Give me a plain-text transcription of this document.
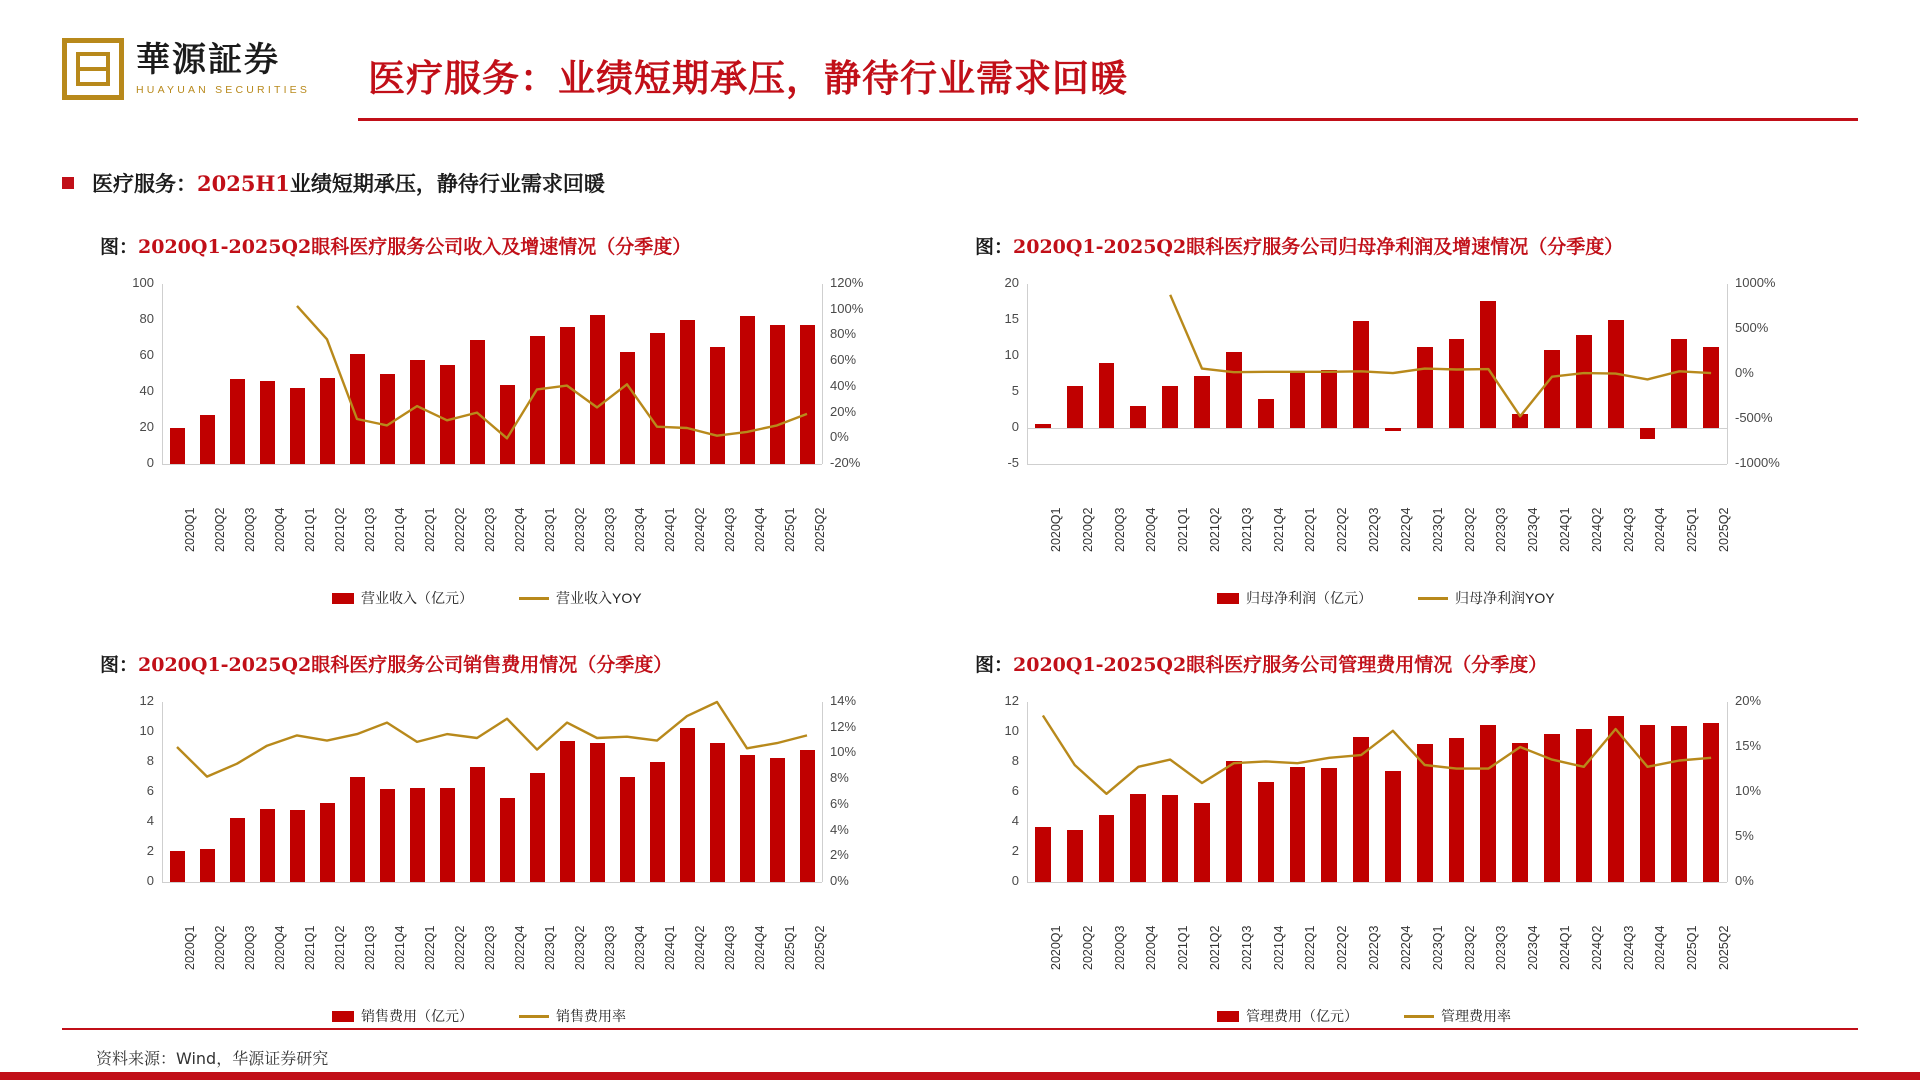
華源証券
HUAYUAN SECURITIES 医疗服务：业绩短期承压，静待行业需求回暖
医疗服务：2025H1业绩短期承压，静待行业需求回暖
图：2020Q1-2025Q2眼科医疗服务公司收入及增速情况（分季度）
0
20
40
60
80
100
-20%
0%
20%
40%
60%
80%
100%
120%
2020Q1 2020Q2 2020Q3 2020Q4 2021Q1 2021Q2 2021Q3 2021Q4 2022Q1 2022Q2 2022Q3 2022Q4 2023Q1 2023Q2 2023Q3 2023Q4 2024Q1 2024Q2 2024Q3 2024Q4 2025Q1 2025Q2
营业收入（亿元）	营业收入YOY
图：2020Q1-2025Q2眼科医疗服务公司归母净利润及增速情况（分季度）
-5
0
5
10
15
20
-1000%
-500%
0%
500%
1000%
2020Q1 2020Q2 2020Q3 2020Q4 2021Q1 2021Q2 2021Q3 2021Q4 2022Q1 2022Q2 2022Q3 2022Q4 2023Q1 2023Q2 2023Q3 2023Q4 2024Q1 2024Q2 2024Q3 2024Q4 2025Q1 2025Q2
归母净利润（亿元）	归母净利润YOY
图：2020Q1-2025Q2眼科医疗服务公司销售费用情况（分季度）
0
2
4
6
8
10
12
0%
2%
4%
6%
8%
10%
12%
14%
2020Q1 2020Q2 2020Q3 2020Q4 2021Q1 2021Q2 2021Q3 2021Q4 2022Q1 2022Q2 2022Q3 2022Q4 2023Q1 2023Q2 2023Q3 2023Q4 2024Q1 2024Q2 2024Q3 2024Q4 2025Q1 2025Q2
销售费用（亿元）	销售费用率
图：2020Q1-2025Q2眼科医疗服务公司管理费用情况（分季度）
0
2
4
6
8
10
12
0%
5%
10%
15%
20%
2020Q1 2020Q2 2020Q3 2020Q4 2021Q1 2021Q2 2021Q3 2021Q4 2022Q1 2022Q2 2022Q3 2022Q4 2023Q1 2023Q2 2023Q3 2023Q4 2024Q1 2024Q2 2024Q3 2024Q4 2025Q1 2025Q2
管理费用（亿元）	管理费用率
资料来源：Wind，华源证券研究
